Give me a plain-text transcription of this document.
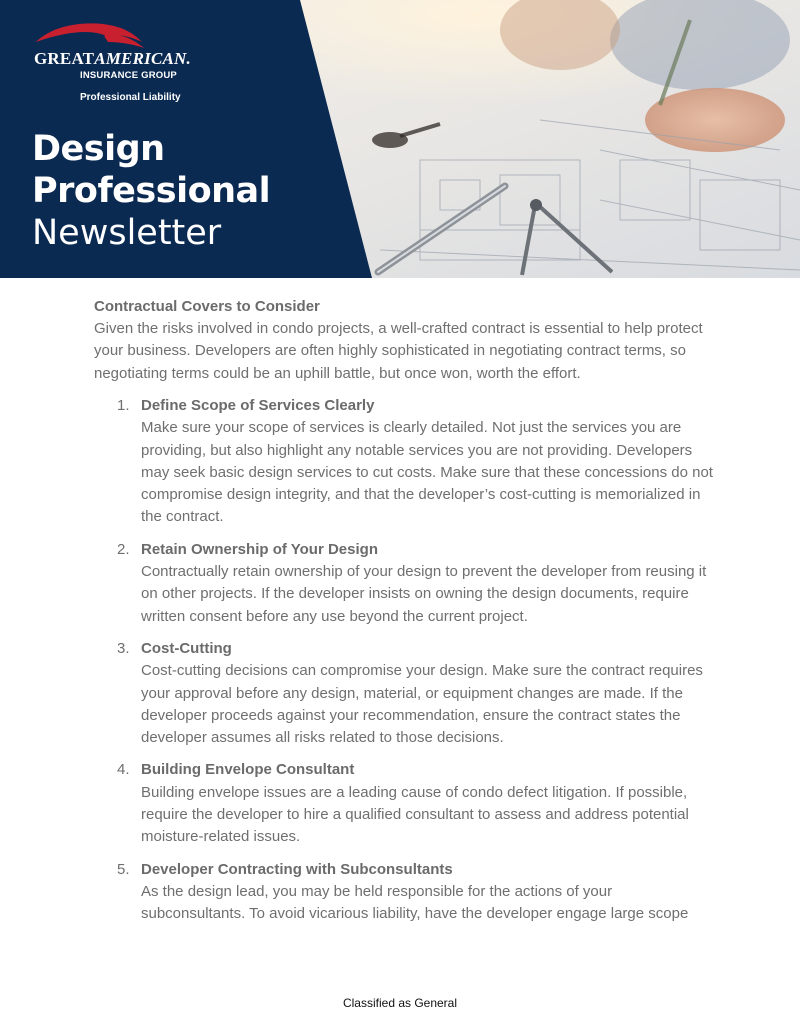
GREATAMERICAN.
INSURANCE GROUP
Professional Liability
Design
Professional
Newsletter
Contractual Covers to Consider

Given the risks involved in condo projects, a well-crafted contract is essential to help protect your business. Developers are often highly sophisticated in negotiating contract terms, so negotiating terms could be an uphill battle, but once won, worth the effort.

1. Define Scope of Services Clearly
Make sure your scope of services is clearly detailed. Not just the services you are providing, but also highlight any notable services you are not providing. Developers may seek basic design services to cut costs. Make sure that these concessions do not compromise design integrity, and that the developer’s cost-cutting is memorialized in the contract.
2. Retain Ownership of Your Design
Contractually retain ownership of your design to prevent the developer from reusing it on other projects. If the developer insists on owning the design documents, require written consent before any use beyond the current project.
3. Cost-Cutting
Cost-cutting decisions can compromise your design. Make sure the contract requires your approval before any design, material, or equipment changes are made. If the developer proceeds against your recommendation, ensure the contract states the developer assumes all risks related to those decisions.
4. Building Envelope Consultant
Building envelope issues are a leading cause of condo defect litigation. If possible, require the developer to hire a qualified consultant to assess and address potential moisture-related issues.
5. Developer Contracting with Subconsultants
As the design lead, you may be held responsible for the actions of your subconsultants. To avoid vicarious liability, have the developer engage large scope
Classified as General
